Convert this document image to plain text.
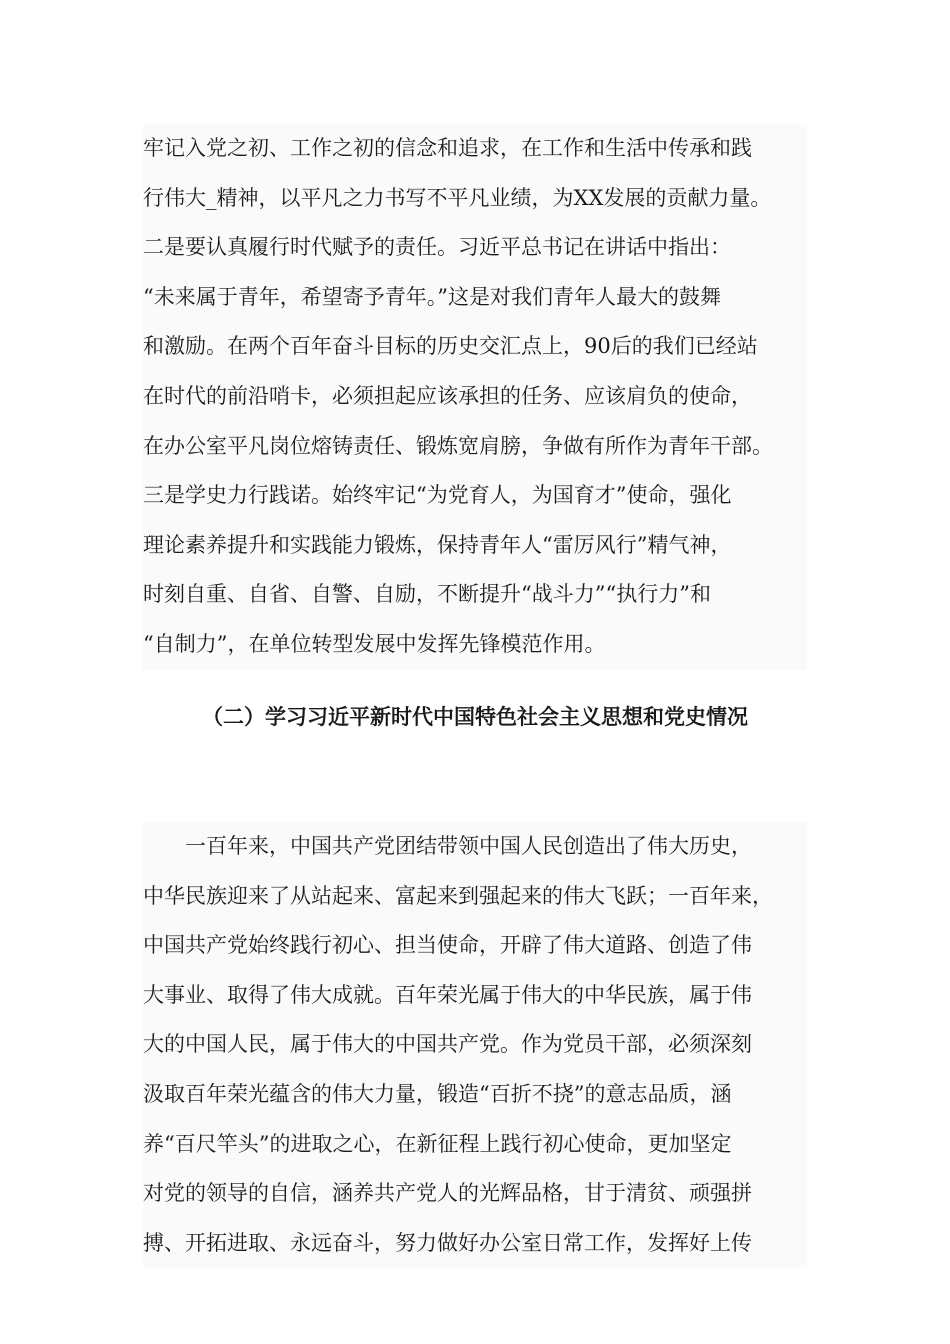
牢记入党之初、工作之初的信念和追求，在工作和生活中传承和践
行伟大_精神，以平凡之力书写不平凡业绩，为XX发展的贡献力量。
二是要认真履行时代赋予的责任。习近平总书记在讲话中指出：
“未来属于青年，希望寄予青年。”这是对我们青年人最大的鼓舞
和激励。在两个百年奋斗目标的历史交汇点上，90后的我们已经站
在时代的前沿哨卡，必须担起应该承担的任务、应该肩负的使命，
在办公室平凡岗位熔铸责任、锻炼宽肩膀，争做有所作为青年干部。
三是学史力行践诺。始终牢记“为党育人，为国育才”使命，强化
理论素养提升和实践能力锻炼，保持青年人“雷厉风行”精气神，
时刻自重、自省、自警、自励，不断提升“战斗力”“执行力”和
“自制力”，在单位转型发展中发挥先锋模范作用。
（二）学习习近平新时代中国特色社会主义思想和党史情况
一百年来，中国共产党团结带领中国人民创造出了伟大历史，
中华民族迎来了从站起来、富起来到强起来的伟大飞跃；一百年来，
中国共产党始终践行初心、担当使命，开辟了伟大道路、创造了伟
大事业、取得了伟大成就。百年荣光属于伟大的中华民族，属于伟
大的中国人民，属于伟大的中国共产党。作为党员干部，必须深刻
汲取百年荣光蕴含的伟大力量，锻造“百折不挠”的意志品质，涵
养“百尺竿头”的进取之心，在新征程上践行初心使命，更加坚定
对党的领导的自信，涵养共产党人的光辉品格，甘于清贫、顽强拼
搏、开拓进取、永远奋斗，努力做好办公室日常工作，发挥好上传
